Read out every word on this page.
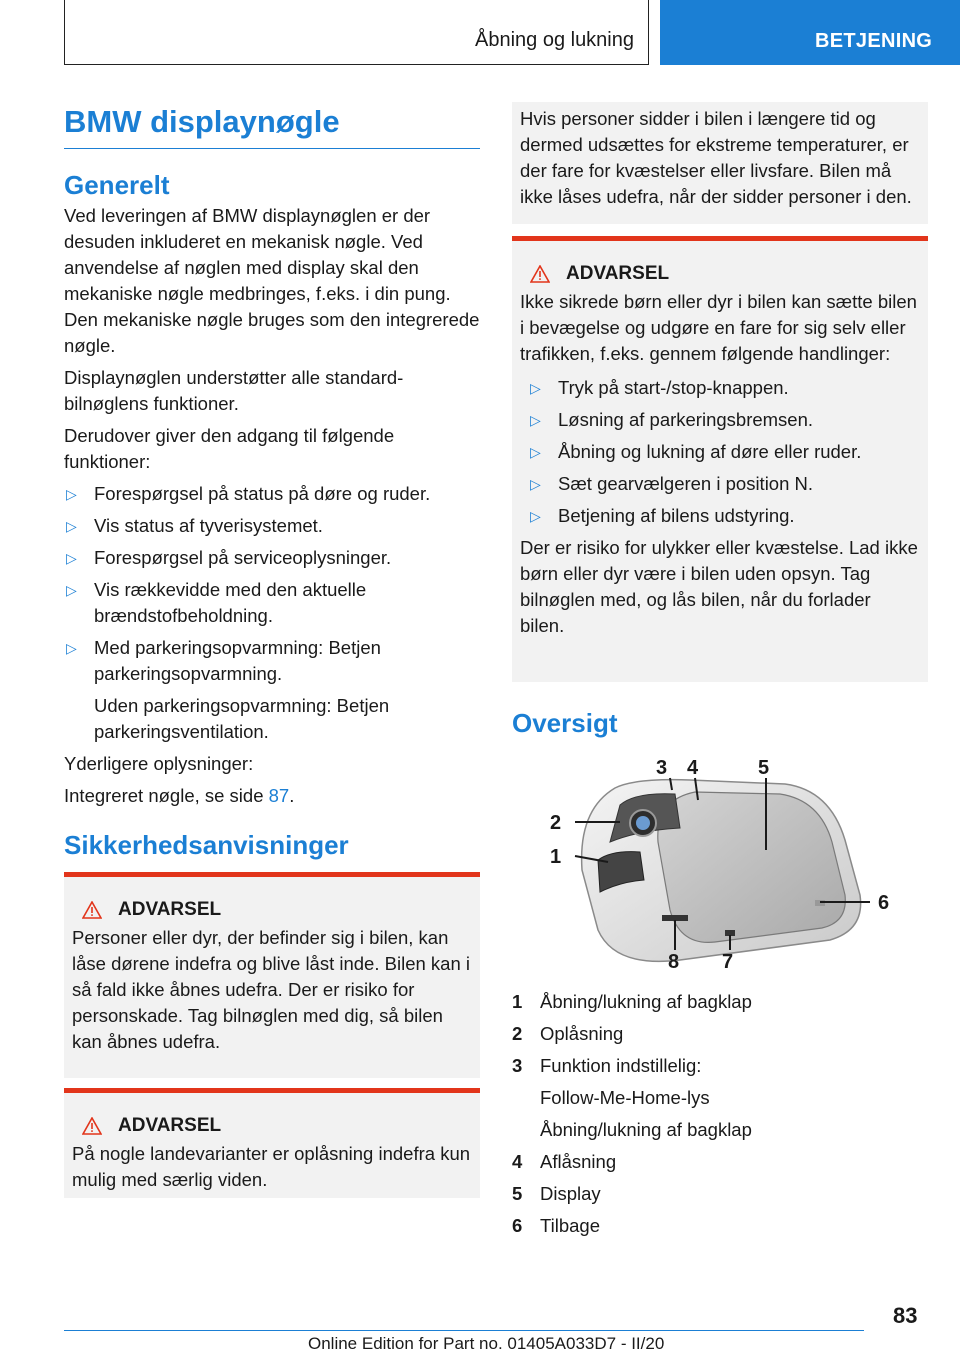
Åbning og lukning	BETJENING
BMW displaynøgle
Generelt

Ved leveringen af BMW displaynøglen er der desuden inkluderet en mekanisk nøgle. Ved anvendelse af nøglen med display skal den mekaniske nøgle medbringes, f.eks. i din pung. Den mekaniske nøgle bruges som den integrerede nøgle.

Displaynøglen understøtter alle standard-bilnøglens funktioner.

Derudover giver den adgang til følgende funktioner:

▷ Forespørgsel på status på døre og ruder.
▷ Vis status af tyverisystemet.
▷ Forespørgsel på serviceoplysninger.
▷ Vis rækkevidde med den aktuelle brændstofbeholdning.
▷ Med parkeringsopvarmning: Betjen parkeringsopvarmning.
Uden parkeringsopvarmning: Betjen parkeringsventilation.

Yderligere oplysninger:

Integreret nøgle, se side 87.

Sikkerhedsanvisninger
ADVARSEL
Personer eller dyr, der befinder sig i bilen, kan låse dørene indefra og blive låst inde. Bilen kan i så fald ikke åbnes udefra. Der er risiko for personskade. Tag bilnøglen med dig, så bilen kan åbnes udefra.
ADVARSEL
På nogle landevarianter er oplåsning indefra kun mulig med særlig viden.
Hvis personer sidder i bilen i længere tid og dermed udsættes for ekstreme temperaturer, er der fare for kvæstelser eller livsfare. Bilen må ikke låses udefra, når der sidder personer i den.
ADVARSEL
Ikke sikrede børn eller dyr i bilen kan sætte bilen i bevægelse og udgøre en fare for sig selv eller trafikken, f.eks. gennem følgende handlinger:
▷ Tryk på start-/stop-knappen.
▷ Løsning af parkeringsbremsen.
▷ Åbning og lukning af døre eller ruder.
▷ Sæt gearvælgeren i position N.
▷ Betjening af bilens udstyring.
Der er risiko for ulykker eller kvæstelse. Lad ikke børn eller dyr være i bilen uden opsyn. Tag bilnøglen med, og lås bilen, når du forlader bilen.
Oversigt
3 4	5
2
1
6
8 7
1 Åbning/lukning af bagklap
2 Oplåsning
3 Funktion indstillelig:
Follow-Me-Home-lys
Åbning/lukning af bagklap
4 Aflåsning
5 Display
6 Tilbage
83
Online Edition for Part no. 01405A033D7 - II/20
